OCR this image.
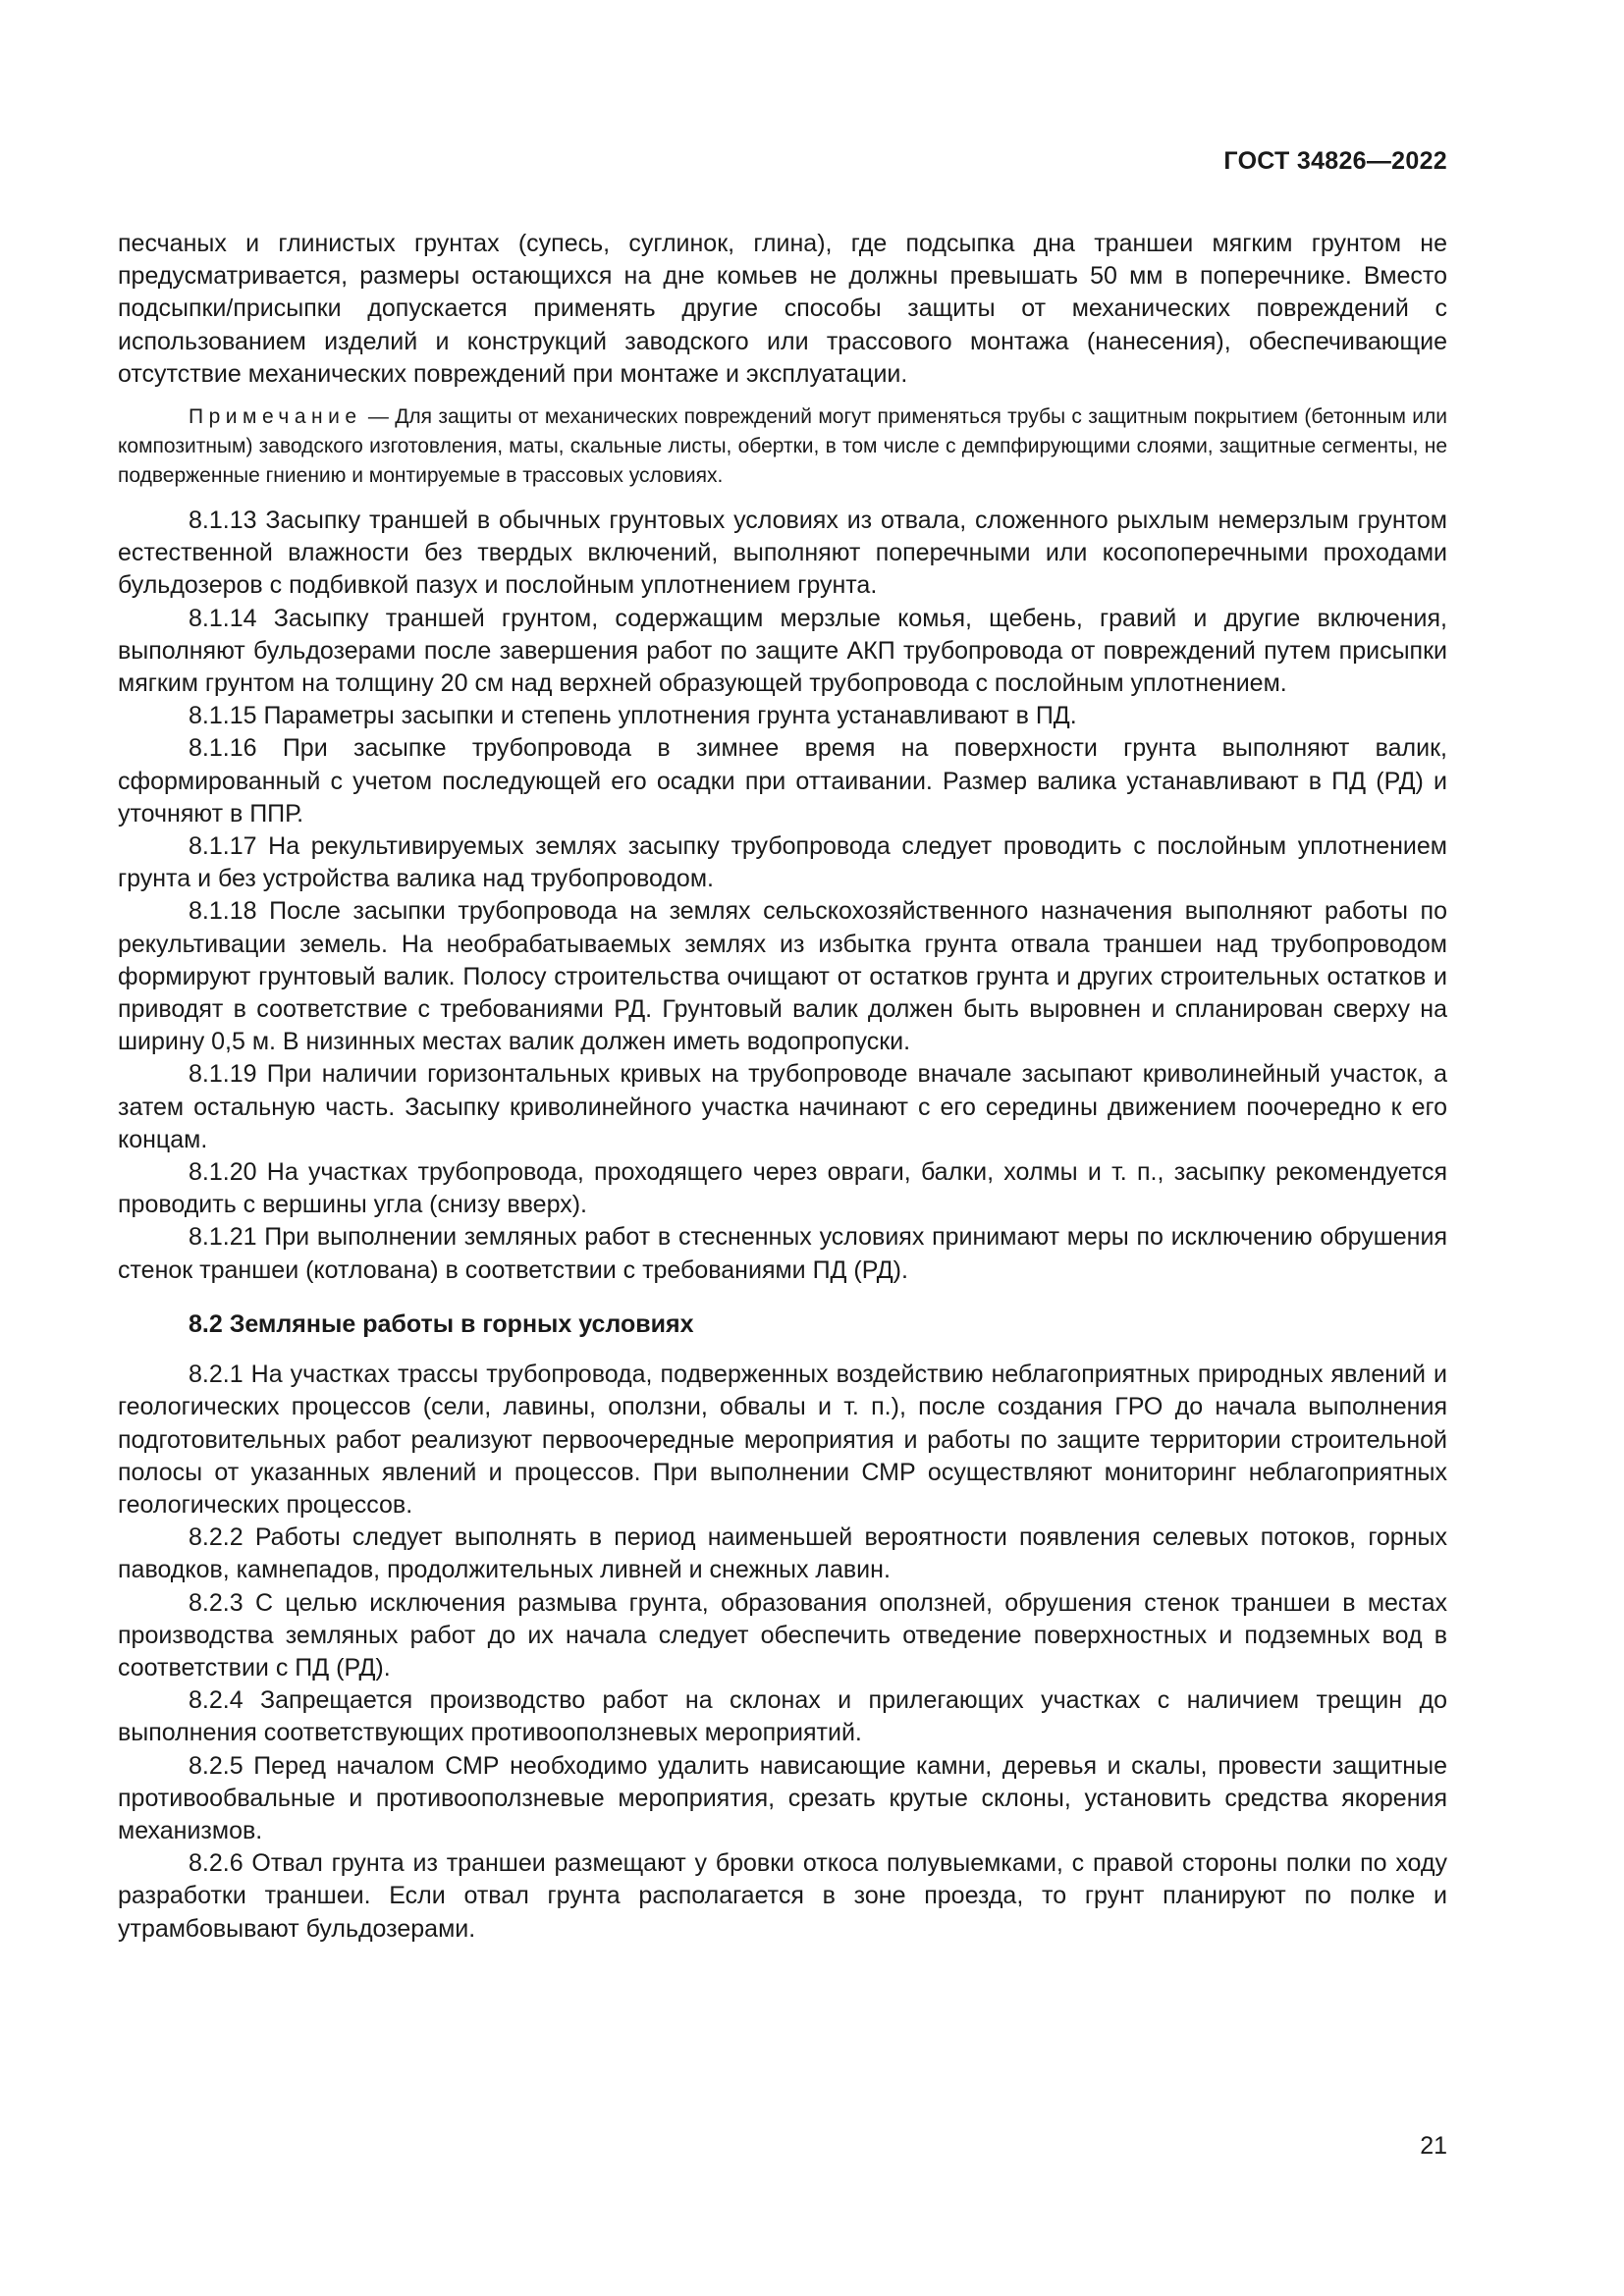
ГОСТ 34826—2022

песчаных и глинистых грунтах (супесь, суглинок, глина), где подсыпка дна траншеи мягким грунтом не предусматривается, размеры остающихся на дне комьев не должны превышать 50 мм в поперечнике. Вместо подсыпки/присыпки допускается применять другие способы защиты от механических повреждений с использованием изделий и конструкций заводского или трассового монтажа (нанесения), обеспечивающие отсутствие механических повреждений при монтаже и эксплуатации.

Примечание — Для защиты от механических повреждений могут применяться трубы с защитным покрытием (бетонным или композитным) заводского изготовления, маты, скальные листы, обертки, в том числе с демпфирующими слоями, защитные сегменты, не подверженные гниению и монтируемые в трассовых условиях.

8.1.13 Засыпку траншей в обычных грунтовых условиях из отвала, сложенного рыхлым немерзлым грунтом естественной влажности без твердых включений, выполняют поперечными или косопоперечными проходами бульдозеров с подбивкой пазух и послойным уплотнением грунта.

8.1.14 Засыпку траншей грунтом, содержащим мерзлые комья, щебень, гравий и другие включения, выполняют бульдозерами после завершения работ по защите АКП трубопровода от повреждений путем присыпки мягким грунтом на толщину 20 см над верхней образующей трубопровода с послойным уплотнением.

8.1.15 Параметры засыпки и степень уплотнения грунта устанавливают в ПД.

8.1.16 При засыпке трубопровода в зимнее время на поверхности грунта выполняют валик, сформированный с учетом последующей его осадки при оттаивании. Размер валика устанавливают в ПД (РД) и уточняют в ППР.

8.1.17 На рекультивируемых землях засыпку трубопровода следует проводить с послойным уплотнением грунта и без устройства валика над трубопроводом.

8.1.18 После засыпки трубопровода на землях сельскохозяйственного назначения выполняют работы по рекультивации земель. На необрабатываемых землях из избытка грунта отвала траншеи над трубопроводом формируют грунтовый валик. Полосу строительства очищают от остатков грунта и других строительных остатков и приводят в соответствие с требованиями РД. Грунтовый валик должен быть выровнен и спланирован сверху на ширину 0,5 м. В низинных местах валик должен иметь водопропуски.

8.1.19 При наличии горизонтальных кривых на трубопроводе вначале засыпают криволинейный участок, а затем остальную часть. Засыпку криволинейного участка начинают с его середины движением поочередно к его концам.

8.1.20 На участках трубопровода, проходящего через овраги, балки, холмы и т. п., засыпку рекомендуется проводить с вершины угла (снизу вверх).

8.1.21 При выполнении земляных работ в стесненных условиях принимают меры по исключению обрушения стенок траншеи (котлована) в соответствии с требованиями ПД (РД).

8.2 Земляные работы в горных условиях

8.2.1 На участках трассы трубопровода, подверженных воздействию неблагоприятных природных явлений и геологических процессов (сели, лавины, оползни, обвалы и т. п.), после создания ГРО до начала выполнения подготовительных работ реализуют первоочередные мероприятия и работы по защите территории строительной полосы от указанных явлений и процессов. При выполнении СМР осуществляют мониторинг неблагоприятных геологических процессов.

8.2.2 Работы следует выполнять в период наименьшей вероятности появления селевых потоков, горных паводков, камнепадов, продолжительных ливней и снежных лавин.

8.2.3 С целью исключения размыва грунта, образования оползней, обрушения стенок траншеи в местах производства земляных работ до их начала следует обеспечить отведение поверхностных и подземных вод в соответствии с ПД (РД).

8.2.4 Запрещается производство работ на склонах и прилегающих участках с наличием трещин до выполнения соответствующих противооползневых мероприятий.

8.2.5 Перед началом СМР необходимо удалить нависающие камни, деревья и скалы, провести защитные противообвальные и противооползневые мероприятия, срезать крутые склоны, установить средства якорения механизмов.

8.2.6 Отвал грунта из траншеи размещают у бровки откоса полувыемками, с правой стороны полки по ходу разработки траншеи. Если отвал грунта располагается в зоне проезда, то грунт планируют по полке и утрамбовывают бульдозерами.

21
